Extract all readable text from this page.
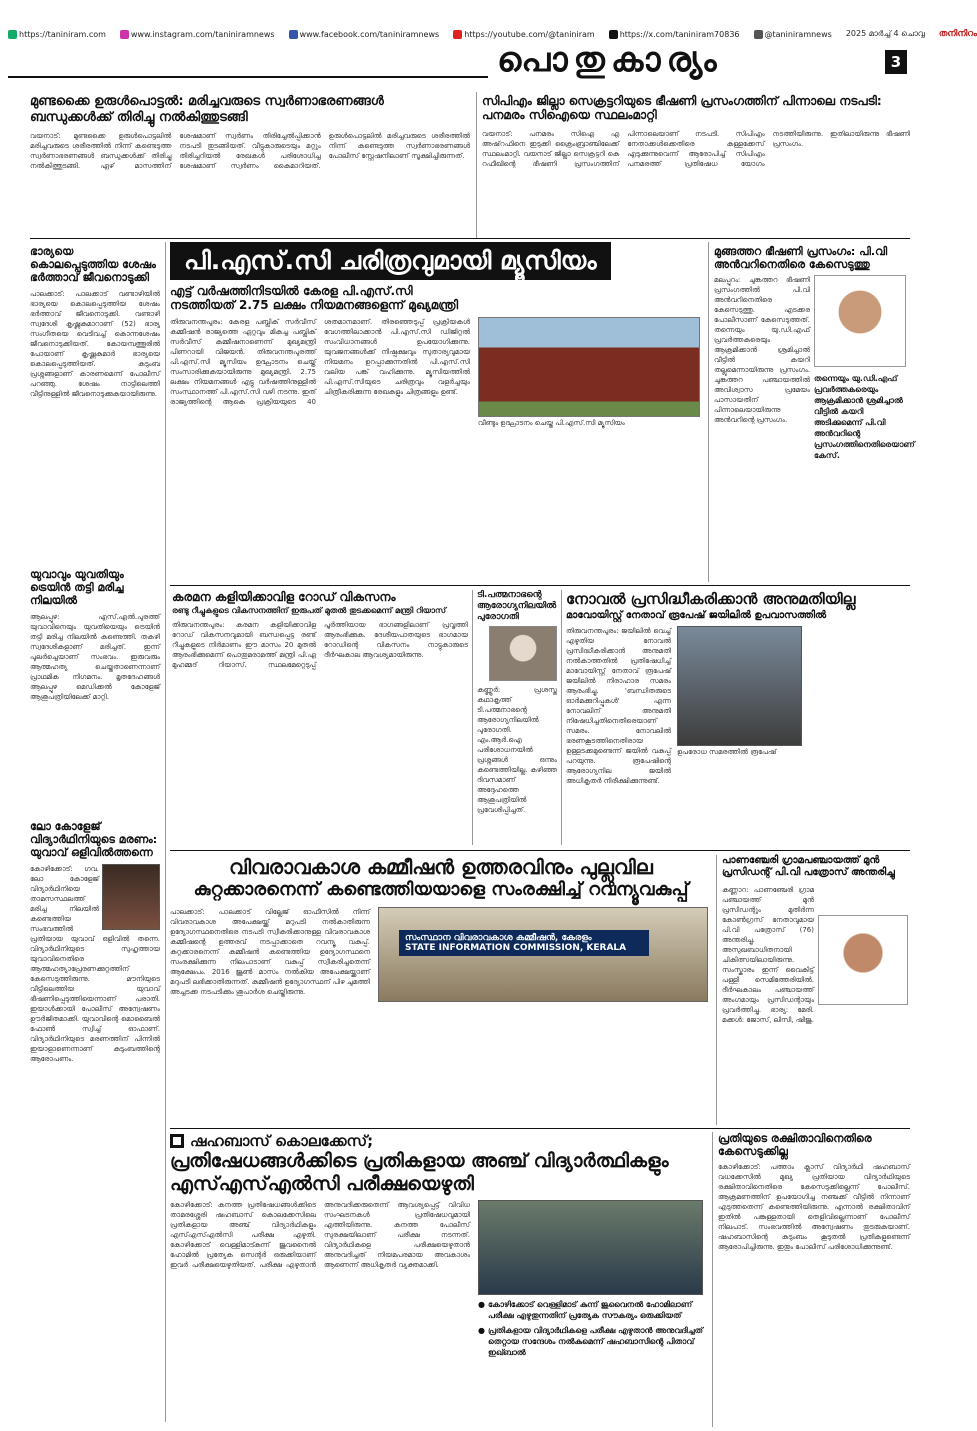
https://taniniram.com	www.instagram.com/taniniramnews	www.facebook.com/taniniramnews	https://youtube.com/@taniniram	https://x.com/taniniram70836	@taniniramnews 2025 മാർച്ച് 4 ചൊവ്വ തനിനിറം
പൊതുകാര്യം	3
മുണ്ടക്കൈ ഉരുൾപൊട്ടൽ: മരിച്ചവരുടെ സ്വർണാഭരണങ്ങൾ ബന്ധുക്കൾക്ക് തിരിച്ചു നൽകിത്തുടങ്ങി
വയനാട്: മുണ്ടക്കൈ ഉരുൾപൊട്ടലിൽ മരിച്ചവരുടെ ശരീരത്തിൽ നിന്ന് കണ്ടെടുത്ത സ്വർണാഭരണങ്ങൾ ബന്ധുക്കൾക്ക് തിരിച്ചു നൽകിത്തുടങ്ങി. ഏഴ് മാസത്തിന് ശേഷമാണ് സ്വർണം തിരിച്ചേൽപ്പിക്കാൻ നടപടി തുടങ്ങിയത്. വീട്ടുകാരുടെയും മറ്റും തിരിച്ചറിയൽ രേഖകൾ പരിശോധിച്ച ശേഷമാണ് സ്വർണം കൈമാറിയത്. ഉരുൾപൊട്ടലിൽ മരിച്ചവരുടെ ശരീരത്തിൽ നിന്ന് കണ്ടെടുത്ത സ്വർണാഭരണങ്ങൾ പോലീസ് സ്റ്റേഷനിലാണ് സൂക്ഷിച്ചിരുന്നത്.
സിപിഎം ജില്ലാ സെക്രട്ടറിയുടെ ഭീഷണി പ്രസംഗത്തിന് പിന്നാലെ നടപടി: പനമരം സിഐയെ സ്ഥലംമാറ്റി
വയനാട്: പനമരം സിഐ എ അഷ്‌റഫിനെ ഇടുക്കി ക്രൈംബ്രാഞ്ചിലേക്ക് സ്ഥലംമാറ്റി. വയനാട് ജില്ലാ സെക്രട്ടറി കെ റഫീഖിന്റെ ഭീഷണി പ്രസംഗത്തിന് പിന്നാലെയാണ് നടപടി. സിപിഎം നേതാക്കൾക്കെതിരെ കള്ളക്കേസ് എടുക്കുന്നുവെന്ന് ആരോപിച്ച് സിപിഎം പനമരത്ത് പ്രതിഷേധ യോഗം നടത്തിയിരുന്നു. ഇതിലായിരുന്നു ഭീഷണി പ്രസംഗം.
ഭാര്യയെ കൊലപ്പെടുത്തിയ ശേഷം ഭർത്താവ് ജീവനൊടുക്കി
പാലക്കാട്: പാലക്കാട് വണ്ടാഴിയിൽ ഭാര്യയെ കൊലപ്പെടുത്തിയ ശേഷം ഭർത്താവ് ജീവനൊടുക്കി. വണ്ടാഴി സ്വദേശി കൃഷ്ണകുമാറാണ് (52) ഭാര്യ സംഗീതയെ വെടിവച്ച് കൊന്നശേഷം ജീവനൊടുക്കിയത്. കോയമ്പത്തൂരിൽ പോയാണ് കൃഷ്ണകുമാർ ഭാര്യയെ കൊലപ്പെടുത്തിയത്. കുടുംബ പ്രശ്നങ്ങളാണ് കാരണമെന്ന് പോലീസ് പറഞ്ഞു. ശേഷം നാട്ടിലെത്തി വീട്ടിനുള്ളിൽ ജീവനൊടുക്കുകയായിരുന്നു.
യുവാവും യുവതിയും ട്രെയിൻ തട്ടി മരിച്ച നിലയിൽ
ആലപ്പുഴ: എസ്.എൽ.പുരത്ത് യുവാവിനെയും യുവതിയെയും ട്രെയിൻ തട്ടി മരിച്ച നിലയിൽ കണ്ടെത്തി. തകഴി സ്വദേശികളാണ് മരിച്ചത്. ഇന്ന് പുലർച്ചെയാണ് സംഭവം. ഇരുവരും ആത്മഹത്യ ചെയ്തതാണെന്നാണ് പ്രാഥമിക നിഗമനം. മൃതദേഹങ്ങൾ ആലപ്പുഴ മെഡിക്കൽ കോളേജ് ആശുപത്രിയിലേക്ക് മാറ്റി.
ലോ കോളേജ് വിദ്യാർഥിനിയുടെ മരണം: യുവാവ് ഒളിവിൽത്തന്നെ
കോഴിക്കോട്: ഗവ. ലോ കോളേജ് വിദ്യാർഥിനിയെ താമസസ്ഥലത്ത് മരിച്ച നിലയിൽ കണ്ടെത്തിയ സംഭവത്തിൽ പ്രതിയായ യുവാവ് ഒളിവിൽ തന്നെ. വിദ്യാർഥിനിയുടെ സുഹൃത്തായ യുവാവിനെതിരെ ആത്മഹത്യാപ്രേരണക്കുറ്റത്തിന് കേസെടുത്തിരുന്നു. മൗനിയുടെ വീട്ടിലെത്തിയ യുവാവ് ഭീഷണിപ്പെടുത്തിയെന്നാണ് പരാതി. ഇയാൾക്കായി പോലീസ് അന്വേഷണം ഊർജിതമാക്കി. യുവാവിന്റെ മൊബൈൽ ഫോൺ സ്വിച്ച് ഓഫാണ്. വിദ്യാർഥിനിയുടെ മരണത്തിന് പിന്നിൽ ഇയാളാണെന്നാണ് കുടുംബത്തിന്റെ ആരോപണം.
പി.എസ്.സി ചരിത്രവുമായി മ്യൂസിയം
എട്ട് വർഷത്തിനിടയിൽ കേരള പി.എസ്.സി
നടത്തിയത് 2.75 ലക്ഷം നിയമനങ്ങളെന്ന് മുഖ്യമന്ത്രി
തിരുവനന്തപുരം: കേരള പബ്ലിക് സർവീസ് കമ്മീഷൻ രാജ്യത്തെ ഏറ്റവും മികച്ച പബ്ലിക് സർവീസ് കമ്മീഷനാണെന്ന് മുഖ്യമന്ത്രി പിണറായി വിജയൻ. തിരുവനന്തപുരത്ത് പി.എസ്.സി മ്യൂസിയം ഉദ്ഘാടനം ചെയ്ത് സംസാരിക്കുകയായിരുന്നു മുഖ്യമന്ത്രി. 2.75 ലക്ഷം നിയമനങ്ങൾ എട്ടു വർഷത്തിനുള്ളിൽ സംസ്ഥാനത്ത് പി.എസ്.സി വഴി നടന്നു. ഇത് രാജ്യത്തിന്റെ ആകെ പ്രക്രിയയുടെ 40 ശതമാനമാണ്. തിരഞ്ഞെടുപ്പ് പ്രക്രിയകൾ വേഗത്തിലാക്കാൻ പി.എസ്.സി ഡിജിറ്റൽ സംവിധാനങ്ങൾ ഉപയോഗിക്കുന്നു. യുവജനങ്ങൾക്ക് നിഷ്പക്ഷവും സുതാര്യവുമായ നിയമനം ഉറപ്പാക്കുന്നതിൽ പി.എസ്.സി വലിയ പങ്ക് വഹിക്കുന്നു. മ്യൂസിയത്തിൽ പി.എസ്.സിയുടെ ചരിത്രവും വളർച്ചയും ചിത്രീകരിക്കുന്ന രേഖകളും ചിത്രങ്ങളും ഉണ്ട്.
വീണ്ടും ഉദ്ഘാടനം ചെയ്ത പി.എസ്.സി മ്യൂസിയം
മുങ്ങത്തറ ഭീഷണി പ്രസംഗം: പി.വി അൻവറിനെതിരെ കേസെടുത്തു
മലപ്പുറം: ചുങ്കത്തറ ഭീഷണി പ്രസംഗത്തിൽ പി.വി അൻവറിനെതിരെ കേസെടുത്തു. എടക്കര പോലീസാണ് കേസെടുത്തത്. തന്നെയും യു.ഡി.എഫ് പ്രവർത്തകരെയും ആക്രമിക്കാൻ ശ്രമിച്ചാൽ വീട്ടിൽ കയറി തല്ലുമെന്നായിരുന്നു പ്രസംഗം. ചുങ്കത്തറ പഞ്ചായത്തിൽ അവിശ്വാസ പ്രമേയം പാസായതിന് പിന്നാലെയായിരുന്നു അൻവറിന്റെ പ്രസംഗം.
തന്നെയും യു.ഡി.എഫ് പ്രവർത്തകരെയും ആക്രമിക്കാൻ ശ്രമിച്ചാൽ വീട്ടിൽ കയറി അടിക്കുമെന്ന് പി.വി അൻവറിന്റെ പ്രസംഗത്തിനെതിരെയാണ് കേസ്.
കരമന കളിയിക്കാവിള റോഡ് വികസനം
രണ്ടു റീച്ചുകളുടെ വികസനത്തിന് ഇരുപത് മുതൽ തുടക്കമെന്ന് മന്ത്രി റിയാസ്
തിരുവനന്തപുരം: കരമന കളിയിക്കാവിള റോഡ് വികസനവുമായി ബന്ധപ്പെട്ട രണ്ട് റീച്ചുകളുടെ നിർമാണം ഈ മാസം 20 മുതൽ ആരംഭിക്കുമെന്ന് പൊതുമരാമത്ത് മന്ത്രി പി.എ മുഹമ്മദ് റിയാസ്. സ്ഥലമേറ്റെടുപ്പ് പൂർത്തിയായ ഭാഗങ്ങളിലാണ് പ്രവൃത്തി ആരംഭിക്കുക. ദേശീയപാതയുടെ ഭാഗമായ റോഡിന്റെ വികസനം നാട്ടുകാരുടെ ദീർഘകാല ആവശ്യമായിരുന്നു.
ടി.പത്മനാഭന്റെ ആരോഗ്യനിലയിൽ പുരോഗതി
കണ്ണൂർ: പ്രശസ്ത കഥാകൃത്ത് ടി.പത്മനാഭന്റെ ആരോഗ്യനിലയിൽ പുരോഗതി. എം.ആർ.ഐ പരിശോധനയിൽ പ്രശ്നങ്ങൾ ഒന്നും കണ്ടെത്തിയില്ല. കഴിഞ്ഞ ദിവസമാണ് അദ്ദേഹത്തെ ആശുപത്രിയിൽ പ്രവേശിപ്പിച്ചത്.
നോവൽ പ്രസിദ്ധീകരിക്കാൻ അനുമതിയില്ല
മാവോയിസ്റ്റ് നേതാവ് രൂപേഷ് ജയിലിൽ ഉപവാസത്തിൽ
തിരുവനന്തപുരം: ജയിലിൽ വെച്ച് എഴുതിയ നോവൽ പ്രസിദ്ധീകരിക്കാൻ അനുമതി നൽകാത്തതിൽ പ്രതിഷേധിച്ച് മാവോയിസ്റ്റ് നേതാവ് രൂപേഷ് ജയിലിൽ നിരാഹാര സമരം ആരംഭിച്ചു. 'ബന്ധിതരുടെ ഓർമക്കുറിപ്പുകൾ' എന്ന നോവലിന് അനുമതി നിഷേധിച്ചതിനെതിരെയാണ് സമരം. നോവലിൽ ഭരണകൂടത്തിനെതിരായ ഉള്ളടക്കമുണ്ടെന്ന് ജയിൽ വകുപ്പ് പറയുന്നു. രൂപേഷിന്റെ ആരോഗ്യനില ജയിൽ അധികൃതർ നിരീക്ഷിക്കുന്നുണ്ട്.
ഉപരോധ സമരത്തിൽ രൂപേഷ്
വിവരാവകാശ കമ്മീഷൻ ഉത്തരവിനും പുല്ലുവില
കുറ്റക്കാരനെന്ന് കണ്ടെത്തിയയാളെ സംരക്ഷിച്ച് റവന്യൂവകുപ്പ്
പാലക്കാട്: പാലക്കാട് വില്ലേജ് ഓഫീസിൽ നിന്ന് വിവരാവകാശ അപേക്ഷയ്ക്ക് മറുപടി നൽകാതിരുന്ന ഉദ്യോഗസ്ഥനെതിരെ നടപടി സ്വീകരിക്കാനുള്ള വിവരാവകാശ കമ്മീഷന്റെ ഉത്തരവ് നടപ്പാക്കാതെ റവന്യൂ വകുപ്പ്. കുറ്റക്കാരനെന്ന് കമ്മീഷൻ കണ്ടെത്തിയ ഉദ്യോഗസ്ഥനെ സംരക്ഷിക്കുന്ന നിലപാടാണ് വകുപ്പ് സ്വീകരിച്ചതെന്ന് ആക്ഷേപം. 2016 ജൂൺ മാസം നൽകിയ അപേക്ഷയ്ക്കാണ് മറുപടി ലഭിക്കാതിരുന്നത്. കമ്മീഷൻ ഉദ്യോഗസ്ഥന് പിഴ ചുമത്തി അച്ചടക്ക നടപടിക്കും ശുപാർശ ചെയ്തിരുന്നു.
സംസ്ഥാന വിവരാവകാശ കമ്മീഷൻ, കേരളം
STATE INFORMATION COMMISSION, KERALA
പാണഞ്ചേരി ഗ്രാമപഞ്ചായത്ത് മുൻ പ്രസിഡന്റ് പി.വി പത്രോസ് അന്തരിച്ചു
കണ്ണാറ: പാണഞ്ചേരി ഗ്രാമ പഞ്ചായത്ത് മുൻ പ്രസിഡന്റും മുതിർന്ന കോൺഗ്രസ് നേതാവുമായ പി.വി പത്രോസ് (76) അന്തരിച്ചു. അസുഖബാധിതനായി ചികിത്സയിലായിരുന്നു. സംസ്കാരം ഇന്ന് വൈകിട്ട് പള്ളി സെമിത്തേരിയിൽ. ദീർഘകാലം പഞ്ചായത്ത് അംഗമായും പ്രസിഡന്റായും പ്രവർത്തിച്ചു. ഭാര്യ: മേരി. മക്കൾ: ജോസ്, ലിസി, ഷിജു.
ഷഹബാസ് കൊലക്കേസ്;
പ്രതിഷേധങ്ങൾക്കിടെ പ്രതികളായ അഞ്ച് വിദ്യാർത്ഥികളും
എസ്എസ്എൽസി പരീക്ഷയെഴുതി
കോഴിക്കോട്: കനത്ത പ്രതിഷേധങ്ങൾക്കിടെ താമരശ്ശേരി ഷഹബാസ് കൊലക്കേസിലെ പ്രതികളായ അഞ്ച് വിദ്യാർഥികളും എസ്എസ്എൽസി പരീക്ഷ എഴുതി. കോഴിക്കോട് വെള്ളിമാട്കുന്ന് ജുവനൈൽ ഹോമിൽ പ്രത്യേക സെന്റർ ഒരുക്കിയാണ് ഇവർ പരീക്ഷയെഴുതിയത്. പരീക്ഷ എഴുതാൻ അനുവദിക്കരുതെന്ന് ആവശ്യപ്പെട്ട് വിവിധ സംഘടനകൾ പ്രതിഷേധവുമായി എത്തിയിരുന്നു. കനത്ത പോലീസ് സുരക്ഷയിലാണ് പരീക്ഷ നടന്നത്. വിദ്യാർഥികളെ പരീക്ഷയെഴുതാൻ അനുവദിച്ചത് നിയമപരമായ അവകാശം ആണെന്ന് അധികൃതർ വ്യക്തമാക്കി.
● കോഴിക്കോട് വെള്ളിമാട് കുന്ന് ജുവൈനൽ ഹോമിലാണ് പരീക്ഷ എഴുതുന്നതിന് പ്രത്യേക സൗകര്യം ഒരുക്കിയത്
● പ്രതികളായ വിദ്യാർഥികളെ പരീക്ഷ എഴുതാൻ അനുവദിച്ചത് തെറ്റായ സന്ദേശം നൽകുമെന്ന് ഷഹബാസിന്റെ പിതാവ് ഇഖ്ബാൽ
പ്രതിയുടെ രക്ഷിതാവിനെതിരെ കേസെടുക്കില്ല
കോഴിക്കോട്: പത്താം ക്ലാസ് വിദ്യാർഥി ഷഹബാസ് വധക്കേസിൽ മുഖ്യ പ്രതിയായ വിദ്യാർഥിയുടെ രക്ഷിതാവിനെതിരെ കേസെടുക്കില്ലെന്ന് പോലീസ്. ആക്രമണത്തിന് ഉപയോഗിച്ച നഞ്ചക്ക് വീട്ടിൽ നിന്നാണ് എടുത്തതെന്ന് കണ്ടെത്തിയിരുന്നു. എന്നാൽ രക്ഷിതാവിന് ഇതിൽ പങ്കുള്ളതായി തെളിവില്ലെന്നാണ് പോലീസ് നിലപാട്. സംഭവത്തിൽ അന്വേഷണം തുടരുകയാണ്. ഷഹബാസിന്റെ കുടുംബം കൂടുതൽ പ്രതികളുണ്ടെന്ന് ആരോപിച്ചിരുന്നു. ഇതും പോലീസ് പരിശോധിക്കുന്നുണ്ട്.
